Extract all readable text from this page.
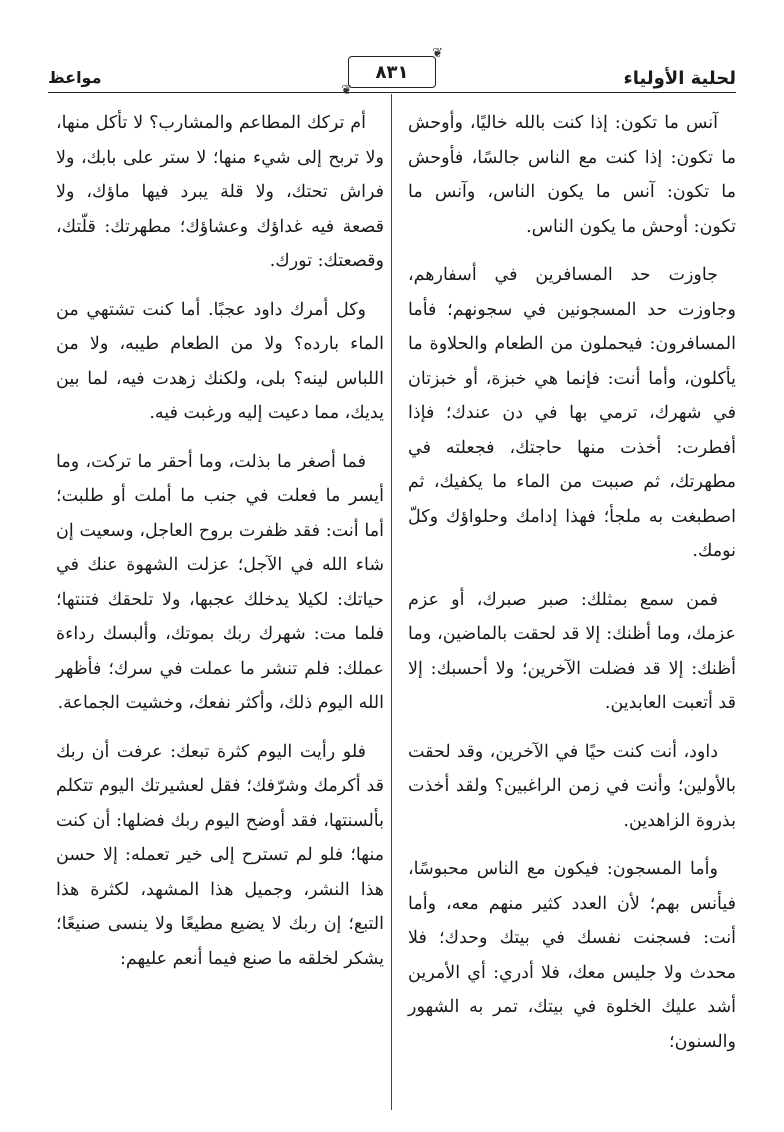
لحلية الأولياء
❦
٨٣١
❦
مواعظ

آنس ما تكون: إذا كنت بالله خاليًا، وأوحش ما تكون: إذا كنت مع الناس جالسًا، فأوحش ما تكون: آنس ما يكون الناس، وآنس ما تكون: أوحش ما يكون الناس.

جاوزت حد المسافرين في أسفارهم، وجاوزت حد المسجونين في سجونهم؛ فأما المسافرون: فيحملون من الطعام والحلاوة ما يأكلون، وأما أنت: فإنما هي خبزة، أو خبزتان في شهرك، ترمي بها في دن عندك؛ فإذا أفطرت: أخذت منها حاجتك، فجعلته في مطهرتك، ثم صببت من الماء ما يكفيك، ثم اصطبغت به ملجأ؛ فهذا إدامك وحلواؤك وكلّ نومك.

فمن سمع بمثلك: صبر صبرك، أو عزم عزمك، وما أظنك: إلا قد لحقت بالماضين، وما أظنك: إلا قد فضلت الآخرين؛ ولا أحسبك: إلا قد أتعبت العابدين.

داود، أنت كنت حيًا في الآخرين، وقد لحقت بالأولين؛ وأنت في زمن الراغبين؟ ولقد أخذت بذروة الزاهدين.

وأما المسجون: فيكون مع الناس محبوسًا، فيأنس بهم؛ لأن العدد كثير منهم معه، وأما أنت: فسجنت نفسك في بيتك وحدك؛ فلا محدث ولا جليس معك، فلا أدري: أي الأمرين أشد عليك الخلوة في بيتك، تمر به الشهور والسنون؛

أم تركك المطاعم والمشارب؟ لا تأكل منها، ولا تربح إلى شيء منها؛ لا ستر على بابك، ولا فراش تحتك، ولا قلة يبرد فيها ماؤك، ولا قصعة فيه غداؤك وعشاؤك؛ مطهرتك: قلّتك، وقصعتك: تورك.

وكل أمرك داود عجبًا. أما كنت تشتهي من الماء بارده؟ ولا من الطعام طيبه، ولا من اللباس لينه؟ بلى، ولكنك زهدت فيه، لما بين يديك، مما دعيت إليه ورغبت فيه.

فما أصغر ما بذلت، وما أحقر ما تركت، وما أيسر ما فعلت في جنب ما أملت أو طلبت؛ أما أنت: فقد ظفرت بروح العاجل، وسعيت إن شاء الله في الآجل؛ عزلت الشهوة عنك في حياتك: لكيلا يدخلك عجبها، ولا تلحقك فتنتها؛ فلما مت: شهرك ربك بموتك، وألبسك رداءة عملك: فلم تنشر ما عملت في سرك؛ فأظهر الله اليوم ذلك، وأكثر نفعك، وخشيت الجماعة.

فلو رأيت اليوم كثرة تبعك: عرفت أن ربك قد أكرمك وشرّفك؛ فقل لعشيرتك اليوم تتكلم بألسنتها، فقد أوضح اليوم ربك فضلها: أن كنت منها؛ فلو لم تسترح إلى خير تعمله: إلا حسن هذا النشر، وجميل هذا المشهد، لكثرة هذا التبع؛ إن ربك لا يضيع مطيعًا ولا ينسى صنيعًا؛ يشكر لخلقه ما صنع فيما أنعم عليهم:
